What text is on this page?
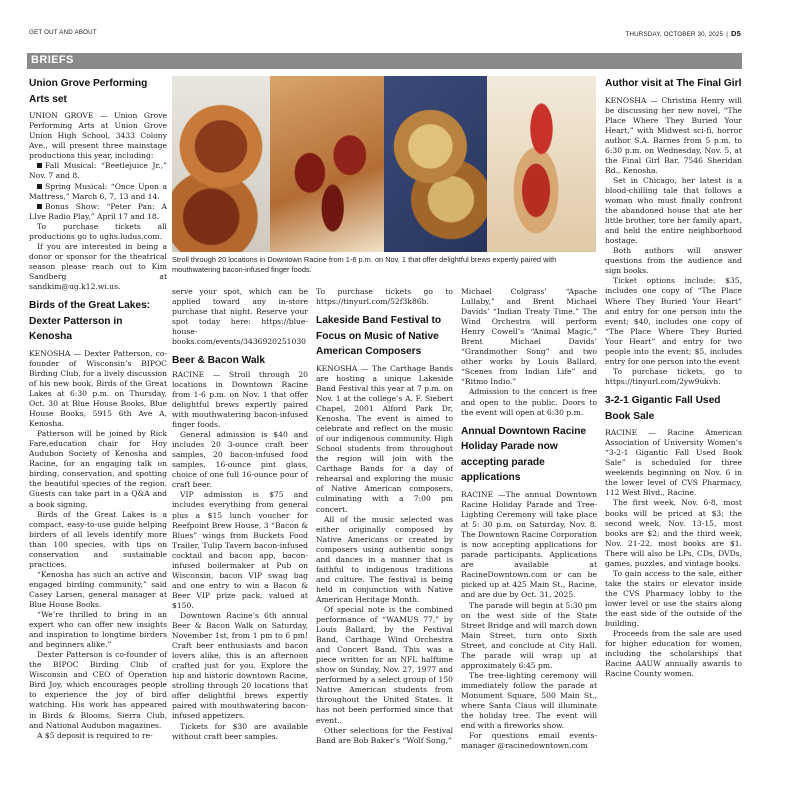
GET OUT AND ABOUT	THURSDAY, OCTOBER 30, 2025 | D5
BRIEFS
Union Grove Performing Arts set

UNION GROVE — Union Grove Performing Arts at Union Grove Union High School, 3433 Colony Ave., will present three mainstage productions this year, including:

Fall Musical: “Beetlejuice Jr.,” Nov. 7 and 8.

Spring Musical: “Once Upon a Mattress,” March 6, 7, 13 and 14.

Bonus Show: “Peter Pan: A LIve Radio Play,” April 17 and 18.

To purchase tickets all productions go to ughs.ludus.com.

If you are interested in being a donor or sponsor for the theatrical season please reach out to Kim Sandberg at sandkim@ug.k12.wi.us.

Birds of the Great Lakes: Dexter Patterson in Kenosha

KENOSHA — Dexter Patterson, co-founder of Wisconsin’s BIPOC Birding Club, for a lively discussion of his new book, Birds of the Great Lakes at 6:30 p.m. on Thursday, Oct. 30 at Blue House Books, Blue House Books, 5915 6th Ave A, Kenosha.

Patterson will be joined by Rick Fare,education chair for Hoy Audubon Society of Kenosha and Racine, for an engaging talk on birding, conservation, and spotting the beautiful species of the region. Guests can take part in a Q&A and a book signing.

Birds of the Great Lakes is a compact, easy-to-use guide helping birders of all levels identify more than 100 species, with tips on conservation and sustainable practices.

“Kenosha has such an active and engaged birding community,” said Casey Larsen, general manager at Blue House Books.

“We’re thrilled to bring in an expert who can offer new insights and inspiration to longtime birders and beginners alike.”

Dexter Patterson is co-founder of the BIPOC Birding Club of Wisconsin and CEO of Operation Bird Joy, which encourages people to experience the joy of bird watching. His work has appeared in Birds & Blooms, Sierra Club, and National Audubon magazines.

A $5 deposit is required to re-

Stroll through 20 locations in Downtown Racine from 1-6 p.m. on Nov. 1 that offer delightful brews expertly paired with mouthwatering bacon-infused finger foods.

serve your spot, which can be applied toward any in-store purchase that night. Reserve your spot today here: https://blue-house-books.com/events/3436920251030

Beer & Bacon Walk

RACINE — Stroll through 20 locations in Downtown Racine from 1-6 p.m. on Nov. 1 that offer delightful brews expertly paired with mouthwatering bacon-infused finger foods.

General admission is $40 and includes 20 3-ounce craft beer samples, 20 bacon-infused food samples, 16-ounce pint glass, choice of one full 16-ounce pour of craft beer.

VIP admission is $75 and includes everything from general plus a $15 lunch voucher for Reefpoint Brew House, 3 “Bacon & Blues” wings from Buckets Food Trailer, Tulip Tavern bacon-infused cocktail and bacon app, bacon-infused boilermaker at Pub on Wisconsin, bacon VIP swag bag and one entry to win a Bacon & Beer VIP prize pack, valued at $150.

Downtown Racine’s 6th annual Beer & Bacon Walk on Saturday, November 1st, from 1 pm to 6 pm! Craft beer enthusiasts and bacon lovers alike, this is an afternoon crafted just for you. Explore the hip and historic downtown Racine, strolling through 20 locations that offer delightful brews expertly paired with mouthwatering bacon-infused appetizers.

Tickets for $30 are available without craft beer samples.

To purchase tickets go to https://tinyurl.com/52f3k86b.

Lakeside Band Festival to Focus on Music of Native American Composers

KENOSHA — The Carthage Bands are hosting a unique Lakeside Band Festival this year at 7 p.m. on Nov. 1 at the college’s A. F. Siebert Chapel, 2001 Alford Park Dr, Kenosha. The event is aimed to celebrate and reflect on the music of our indigenous community. High School students from throughout the region will join with the Carthage Bands for a day of rehearsal and exploring the music of Native American composers, culminating with a 7:00 pm concert.

All of the music selected was either originally composed by Native Americans or created by composers using authentic songs and dances in a manner that is faithful to indigenous traditions and culture. The festival is being held in conjunction with Native American Heritage Month.

Of special note is the combined performance of “WAMUS 77,” by Louis Ballard, by the Festival Band, Carthage Wind Orchestra and Concert Band. This was a piece written for an NFL halftime show on Sunday, Nov. 27, 1977 and performed by a select group of 150 Native American students from throughout the United States. It has not been performed since that event..

Other selections for the Festival Band are Bob Baker’s “Wolf Song,”

Michael Colgrass’ “Apache Lullaby,” and Brent Michael Davids’ “Indian Treaty Time.” The Wind Orchestra will perform Henry Cowell’s “Animal Magic,” Brent Michael Davids’ “Grandmother Song” and two other works by Louis Ballard, “Scenes from Indian Life” and “Ritmo Indio.”

Admission to the concert is free and open to the public. Doors to the event will open at 6:30 p.m.

Annual Downtown Racine Holiday Parade now accepting parade applications

RACINE —The annual Downtown Racine Holiday Parade and Tree-Lighting Ceremony will take place at 5: 30 p.m. on Saturday, Nov. 8. The Downtown Racine Corporation is now accepting applications for parade participants. Applications are available at RacineDowntown.com or can be picked up at 425 Main St., Racine, and are due by Oct. 31, 2025.

The parade will begin at 5:30 pm on the west side of the State Street Bridge and will march down Main Street, turn onto Sixth Street, and conclude at City Hall. The parade will wrap up at approximately 6:45 pm.

The tree-lighting ceremony will immediately follow the parade at Monument Square, 500 Main St., where Santa Claus will illuminate the holiday tree. The event will end with a fireworks show.

For questions email events-manager @racinedowntown.com

Author visit at The Final Girl

KENOSHA — Christina Henry will be discussing her new novel, “The Place Where They Buried Your Heart,” with Midwest sci-fi, horror author S.A. Barnes from 5 p.m. to 6:30 p.m. on Wednesday, Nov. 5, at the Final Girl Bar, 7546 Sheridan Rd., Kenosha.

Set in Chicago, her latest is a blood-chilling tale that follows a woman who must finally confront the abandoned house that ate her little brother, tore her family apart, and held the entire neighborhood hostage.

Both authors will answer questions from the audience and sign books.

Ticket options include: $35, includes one copy of “The Place Where They Buried Your Heart” and entry for one person into the event; $40, includes one copy of “The Place Where They Buried Your Heart” and entry for two people into the event; $5, includes entry for one person into the event

To purchase tickets, go to https://tinyurl.com/2yw9ukvh.

3-2-1 Gigantic Fall Used Book Sale

RACINE — Racine American Association of University Women’s “3-2-1 Gigantic Fall Used Book Sale” is scheduled for three weekends beginning on Nov. 6 in the lower level of CVS Pharmacy, 112 West Blvd., Racine.

The first week, Nov. 6-8, most books will be priced at $3; the second week, Nov. 13-15, most books are $2; and the third week, Nov. 21-22, most books are $1. There will also be LPs, CDs, DVDs, games, puzzles, and vintage books.

To gain access to the sale, either take the stairs or elevator inside the CVS Pharmacy lobby to the lower level or use the stairs along the east side of the outside of the building.

Proceeds from the sale are used for higher education for women, including the scholarships that Racine AAUW annually awards to Racine County women.
